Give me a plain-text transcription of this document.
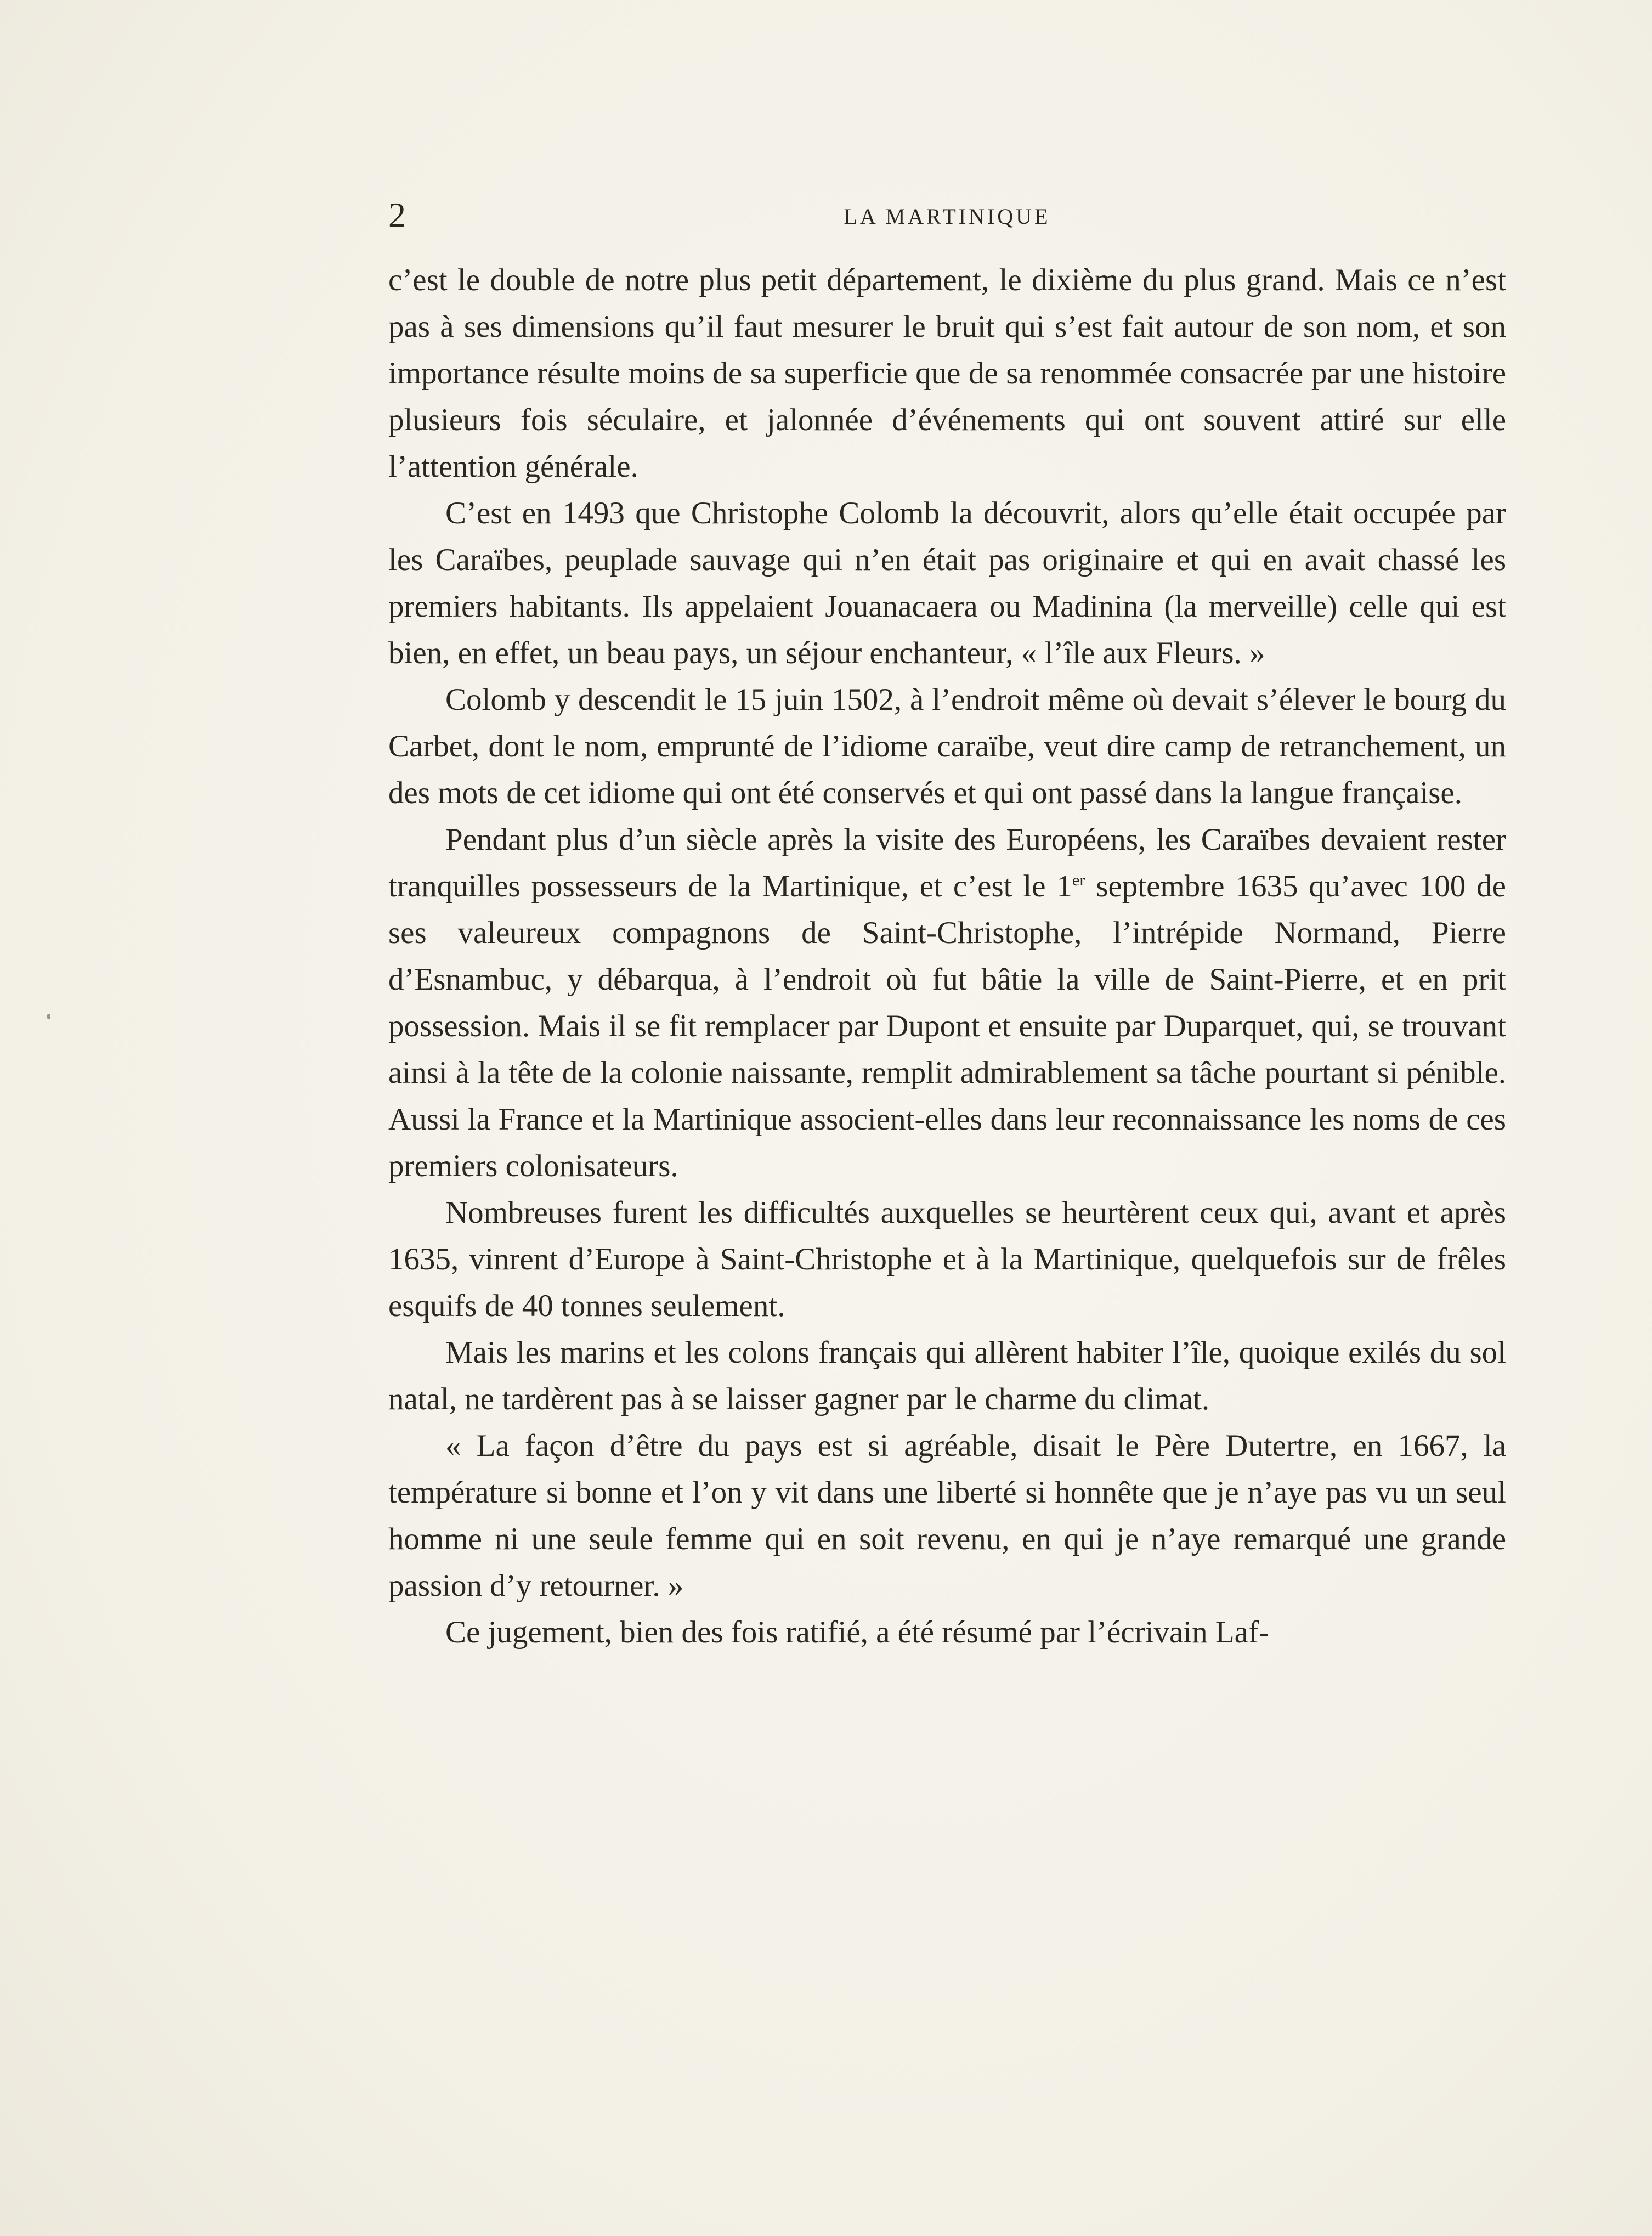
2	LA MARTINIQUE

c’est le double de notre plus petit département, le dixième du plus grand. Mais ce n’est pas à ses dimensions qu’il faut mesurer le bruit qui s’est fait autour de son nom, et son importance résulte moins de sa superficie que de sa renommée consacrée par une histoire plusieurs fois séculaire, et jalonnée d’événements qui ont souvent attiré sur elle l’attention générale.

C’est en 1493 que Christophe Colomb la découvrit, alors qu’elle était occupée par les Caraïbes, peuplade sauvage qui n’en était pas originaire et qui en avait chassé les premiers habitants. Ils appelaient Jouanacaera ou Madinina (la merveille) celle qui est bien, en effet, un beau pays, un séjour enchanteur, « l’île aux Fleurs. »

Colomb y descendit le 15 juin 1502, à l’endroit même où devait s’élever le bourg du Carbet, dont le nom, emprunté de l’idiome caraïbe, veut dire camp de retranchement, un des mots de cet idiome qui ont été conservés et qui ont passé dans la langue française.

Pendant plus d’un siècle après la visite des Européens, les Caraïbes devaient rester tranquilles possesseurs de la Martinique, et c’est le 1er septembre 1635 qu’avec 100 de ses valeureux compagnons de Saint-Christophe, l’intrépide Normand, Pierre d’Esnambuc, y débarqua, à l’endroit où fut bâtie la ville de Saint-Pierre, et en prit possession. Mais il se fit remplacer par Dupont et ensuite par Duparquet, qui, se trouvant ainsi à la tête de la colonie naissante, remplit admirablement sa tâche pourtant si pénible. Aussi la France et la Martinique associent-elles dans leur reconnaissance les noms de ces premiers colonisateurs.

Nombreuses furent les difficultés auxquelles se heurtèrent ceux qui, avant et après 1635, vinrent d’Europe à Saint-Christophe et à la Martinique, quelquefois sur de frêles esquifs de 40 tonnes seulement.

Mais les marins et les colons français qui allèrent habiter l’île, quoique exilés du sol natal, ne tardèrent pas à se laisser gagner par le charme du climat.

« La façon d’être du pays est si agréable, disait le Père Dutertre, en 1667, la température si bonne et l’on y vit dans une liberté si honnête que je n’aye pas vu un seul homme ni une seule femme qui en soit revenu, en qui je n’aye remarqué une grande passion d’y retourner. »

Ce jugement, bien des fois ratifié, a été résumé par l’écrivain Laf-
